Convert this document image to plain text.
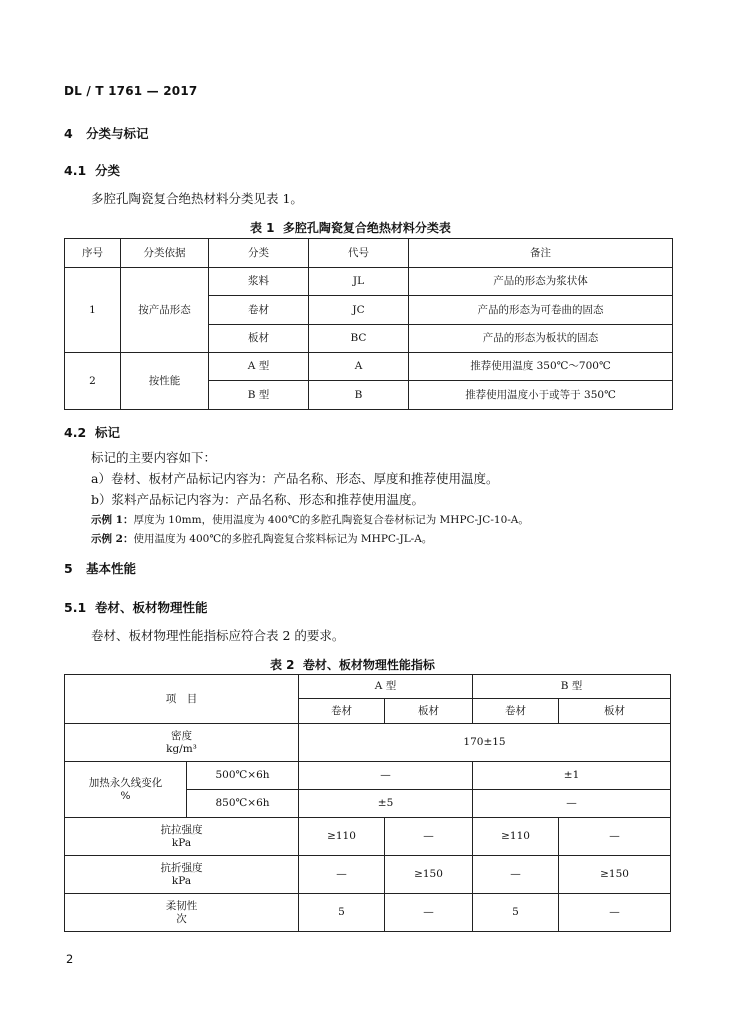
DL / T 1761 — 2017
4 分类与标记
4.1 分类
多腔孔陶瓷复合绝热材料分类见表 1。
表 1 多腔孔陶瓷复合绝热材料分类表
序号	分类依据	分类	代号	备注
1	按产品形态	浆料	JL	产品的形态为浆状体
		卷材	JC	产品的形态为可卷曲的固态
		板材	BC	产品的形态为板状的固态
2	按性能	A 型	A	推荐使用温度 350℃～700℃
		B 型	B	推荐使用温度小于或等于 350℃
4.2 标记
标记的主要内容如下：
a）卷材、板材产品标记内容为：产品名称、形态、厚度和推荐使用温度。
b）浆料产品标记内容为：产品名称、形态和推荐使用温度。
示例 1：厚度为 10mm，使用温度为 400℃的多腔孔陶瓷复合卷材标记为 MHPC-JC-10-A。
示例 2：使用温度为 400℃的多腔孔陶瓷复合浆料标记为 MHPC-JL-A。
5 基本性能
5.1 卷材、板材物理性能
卷材、板材物理性能指标应符合表 2 的要求。
表 2 卷材、板材物理性能指标
项　目		A 型		B 型	
		卷材	板材	卷材	板材

密度
kg/m³		170±15			

加热永久线变化
%	500℃×6h	—		±1	
	850℃×6h	±5		—	

抗拉强度
kPa		≥110	—	≥110	—

抗折强度
kPa		—	≥150	—	≥150

柔韧性
次		5	—	5	—
2
